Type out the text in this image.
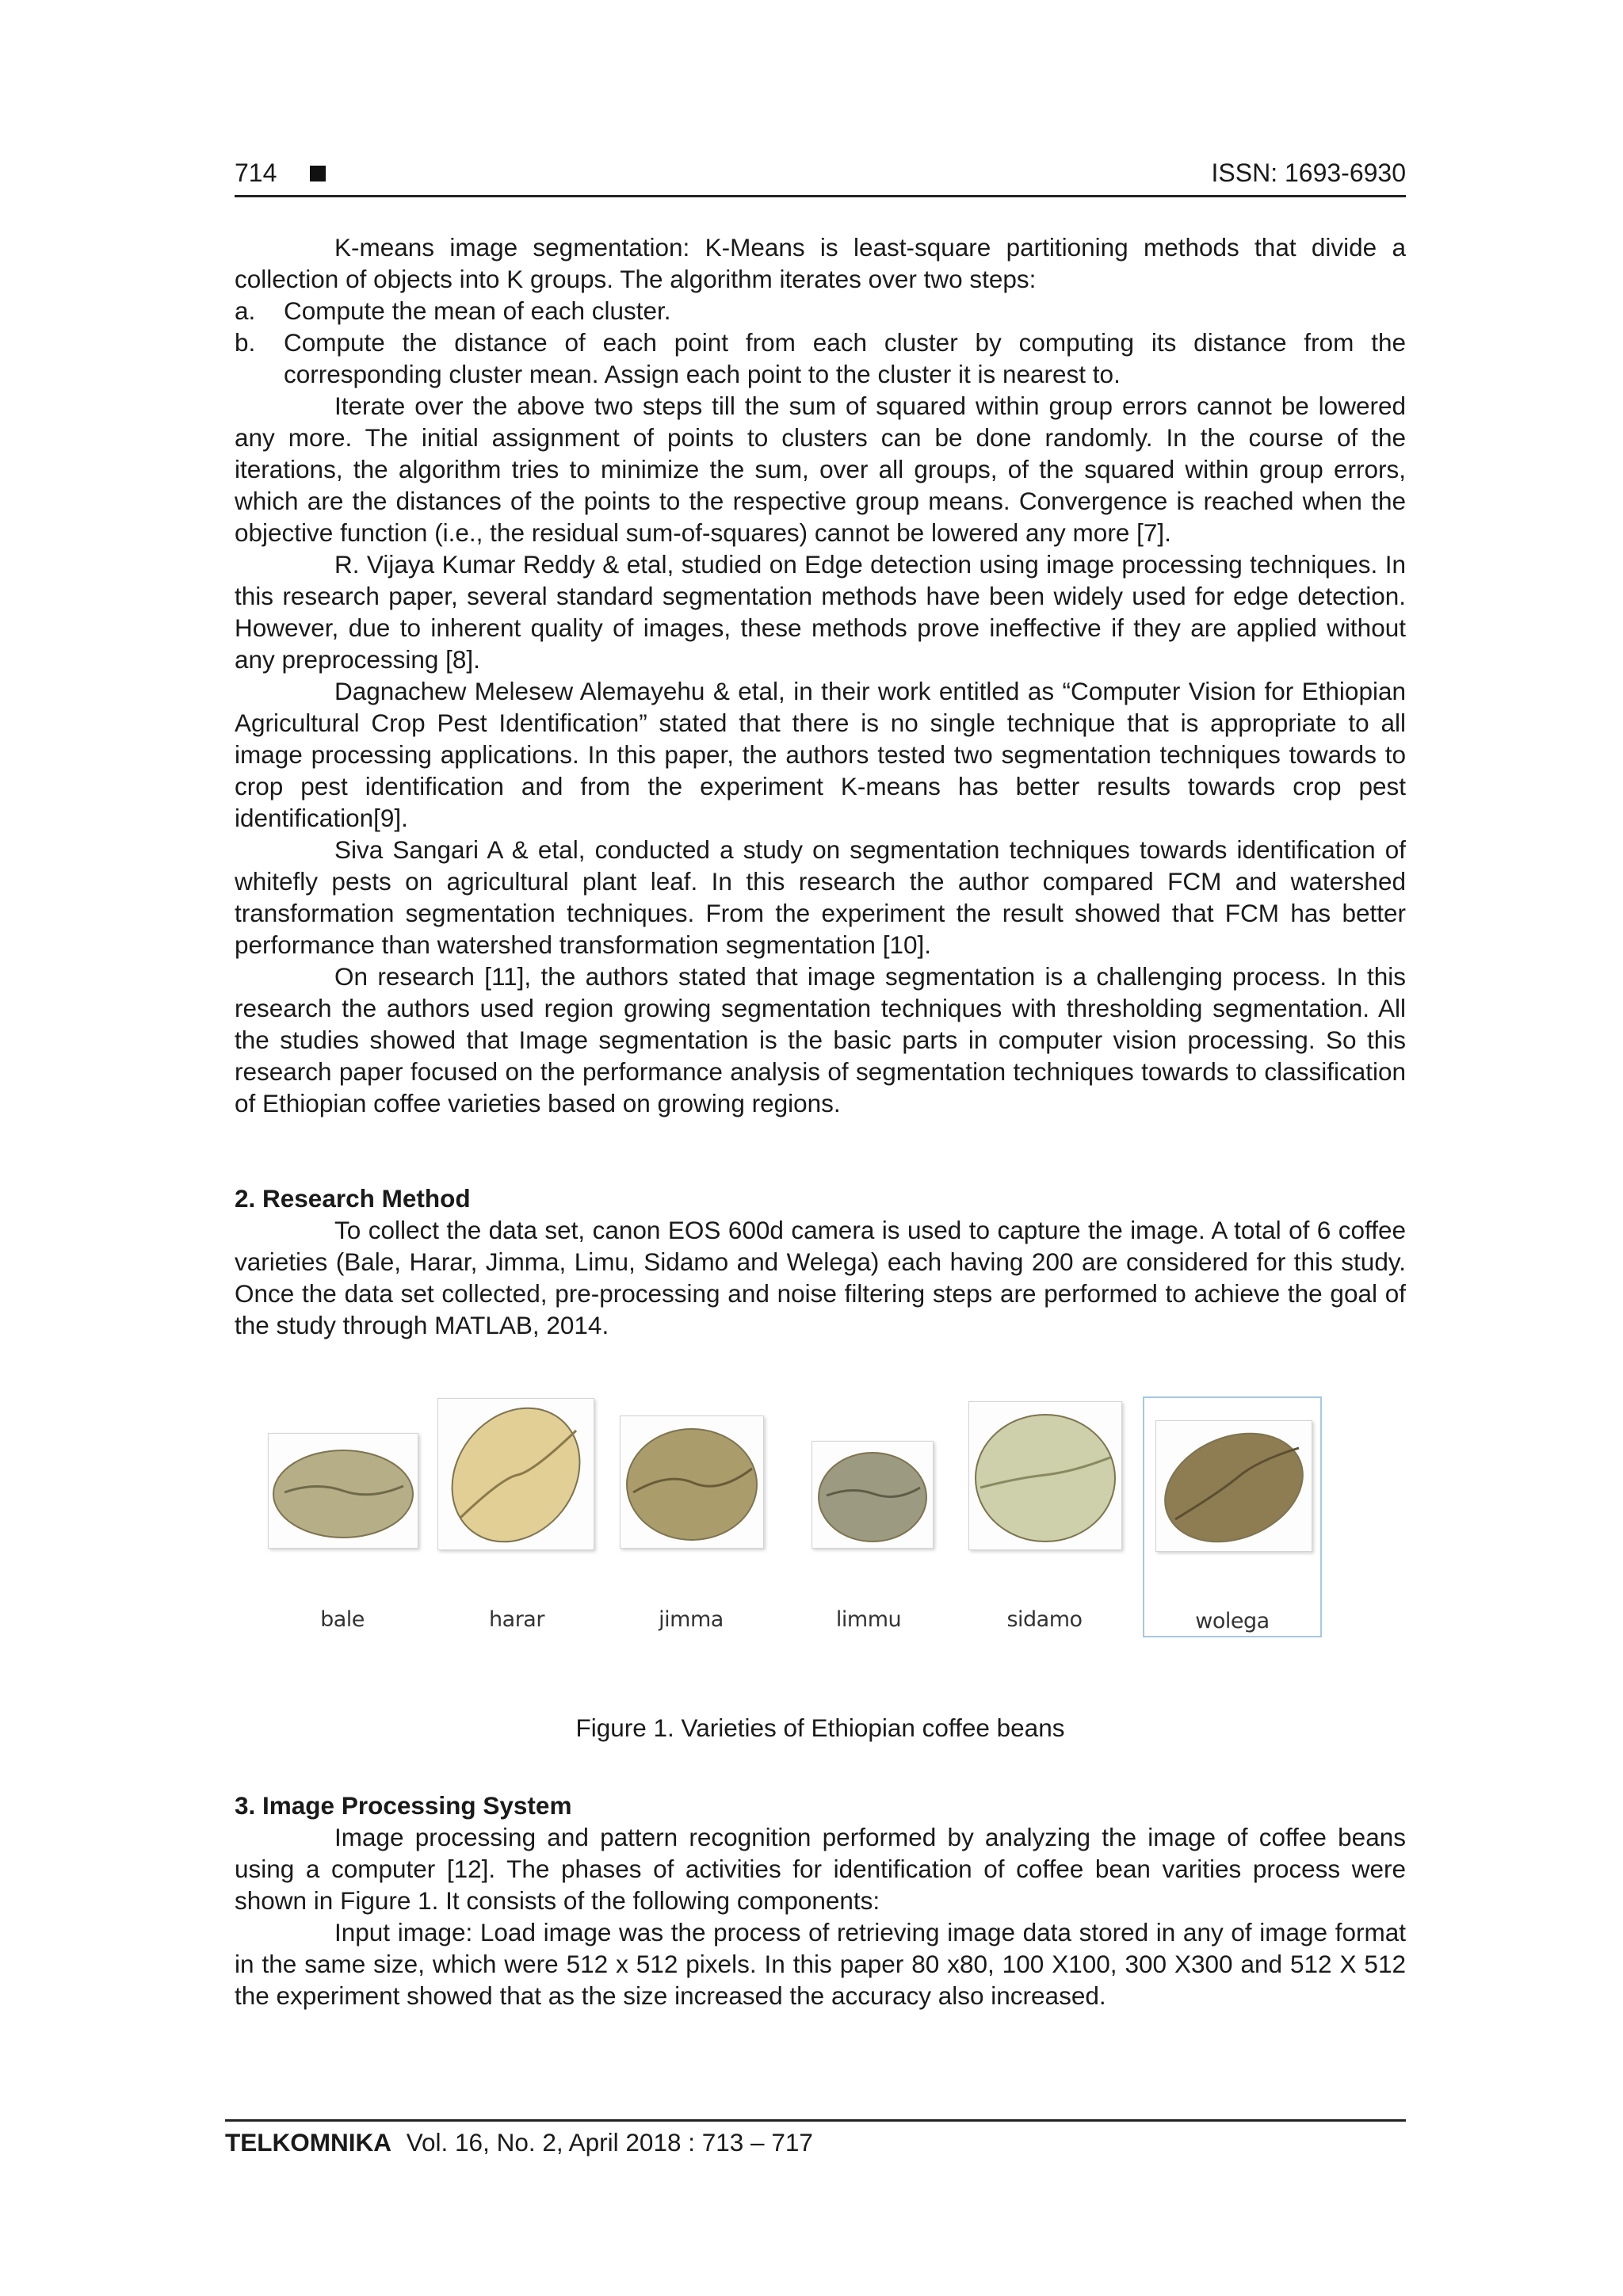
714	ISSN: 1693-6930

K-means image segmentation: K-Means is least-square partitioning methods that divide a collection of objects into K groups. The algorithm iterates over two steps:

a.	Compute the mean of each cluster.
b.	Compute the distance of each point from each cluster by computing its distance from the corresponding cluster mean. Assign each point to the cluster it is nearest to.

Iterate over the above two steps till the sum of squared within group errors cannot be lowered any more. The initial assignment of points to clusters can be done randomly. In the course of the iterations, the algorithm tries to minimize the sum, over all groups, of the squared within group errors, which are the distances of the points to the respective group means. Convergence is reached when the objective function (i.e., the residual sum-of-squares) cannot be lowered any more [7].

R. Vijaya Kumar Reddy & etal, studied on Edge detection using image processing techniques. In this research paper, several standard segmentation methods have been widely used for edge detection. However, due to inherent quality of images, these methods prove ineffective if they are applied without any preprocessing [8].

Dagnachew Melesew Alemayehu & etal, in their work entitled as “Computer Vision for Ethiopian Agricultural Crop Pest Identification” stated that there is no single technique that is appropriate to all image processing applications. In this paper, the authors tested two segmentation techniques towards to crop pest identification and from the experiment K-means has better results towards crop pest identification[9].

Siva Sangari A & etal, conducted a study on segmentation techniques towards identification of whitefly pests on agricultural plant leaf. In this research the author compared FCM and watershed transformation segmentation techniques. From the experiment the result showed that FCM has better performance than watershed transformation segmentation [10].

On research [11], the authors stated that image segmentation is a challenging process. In this research the authors used region growing segmentation techniques with thresholding segmentation. All the studies showed that Image segmentation is the basic parts in computer vision processing. So this research paper focused on the performance analysis of segmentation techniques towards to classification of Ethiopian coffee varieties based on growing regions.

2. Research Method

To collect the data set, canon EOS 600d camera is used to capture the image. A total of 6 coffee varieties (Bale, Harar, Jimma, Limu, Sidamo and Welega) each having 200 are considered for this study. Once the data set collected, pre-processing and noise filtering steps are performed to achieve the goal of the study through MATLAB, 2014.

bale	harar	jimma	limmu	sidamo	wolega

Figure 1. Varieties of Ethiopian coffee beans

3. Image Processing System

Image processing and pattern recognition performed by analyzing the image of coffee beans using a computer [12]. The phases of activities for identification of coffee bean varities process were shown in Figure 1. It consists of the following components:

Input image: Load image was the process of retrieving image data stored in any of image format in the same size, which were 512 x 512 pixels. In this paper 80 x80, 100 X100, 300 X300 and 512 X 512 the experiment showed that as the size increased the accuracy also increased.

TELKOMNIKA Vol. 16, No. 2, April 2018 : 713 – 717
